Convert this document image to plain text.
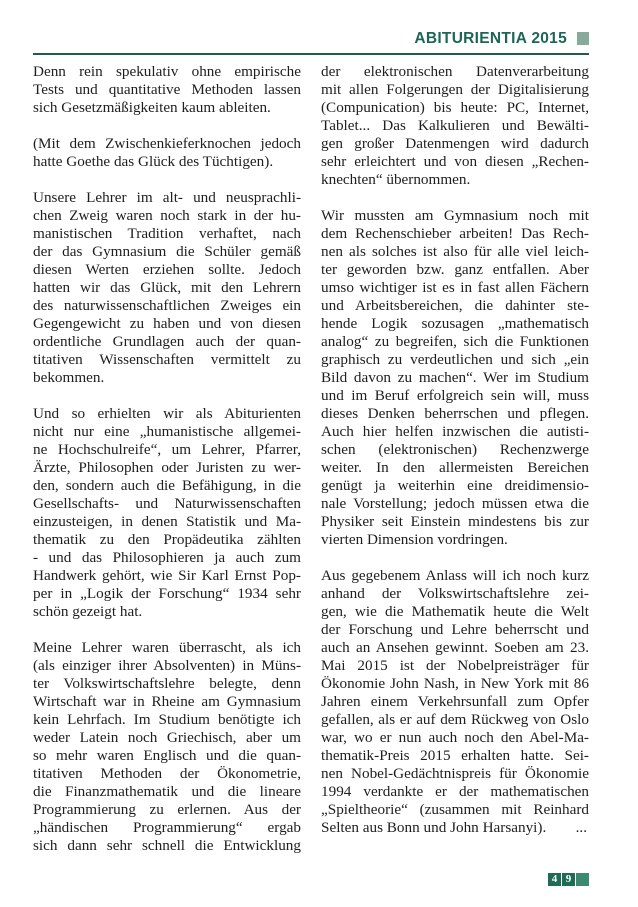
ABITURIENTIA 2015

Denn rein spekulativ ohne empirische
Tests und quantitative Methoden lassen
sich Gesetzmäßigkeiten kaum ableiten.

(Mit dem Zwischenkieferknochen jedoch
hatte Goethe das Glück des Tüchtigen).

Unsere Lehrer im alt- und neusprachli-
chen Zweig waren noch stark in der hu-
manistischen Tradition verhaftet, nach
der das Gymnasium die Schüler gemäß
diesen Werten erziehen sollte. Jedoch
hatten wir das Glück, mit den Lehrern
des naturwissenschaftlichen Zweiges ein
Gegengewicht zu haben und von diesen
ordentliche Grundlagen auch der quan-
titativen Wissenschaften vermittelt zu
bekommen.

Und so erhielten wir als Abiturienten
nicht nur eine „humanistische allgemei-
ne Hochschulreife“, um Lehrer, Pfarrer,
Ärzte, Philosophen oder Juristen zu wer-
den, sondern auch die Befähigung, in die
Gesellschafts- und Naturwissenschaften
einzusteigen, in denen Statistik und Ma-
thematik zu den Propädeutika zählten
- und das Philosophieren ja auch zum
Handwerk gehört, wie Sir Karl Ernst Pop-
per in „Logik der Forschung“ 1934 sehr
schön gezeigt hat.

Meine Lehrer waren überrascht, als ich
(als einziger ihrer Absolventen) in Müns-
ter Volkswirtschaftslehre belegte, denn
Wirtschaft war in Rheine am Gymnasium
kein Lehrfach. Im Studium benötigte ich
weder Latein noch Griechisch, aber um
so mehr waren Englisch und die quan-
titativen Methoden der Ökonometrie,
die Finanzmathematik und die lineare
Programmierung zu erlernen. Aus der
„händischen Programmierung“ ergab
sich dann sehr schnell die Entwicklung

der elektronischen Datenverarbeitung
mit allen Folgerungen der Digitalisierung
(Compunication) bis heute: PC, Internet,
Tablet... Das Kalkulieren und Bewälti-
gen großer Datenmengen wird dadurch
sehr erleichtert und von diesen „Rechen-
knechten“ übernommen.

Wir mussten am Gymnasium noch mit
dem Rechenschieber arbeiten! Das Rech-
nen als solches ist also für alle viel leich-
ter geworden bzw. ganz entfallen. Aber
umso wichtiger ist es in fast allen Fächern
und Arbeitsbereichen, die dahinter ste-
hende Logik sozusagen „mathematisch
analog“ zu begreifen, sich die Funktionen
graphisch zu verdeutlichen und sich „ein
Bild davon zu machen“. Wer im Studium
und im Beruf erfolgreich sein will, muss
dieses Denken beherrschen und pflegen.
Auch hier helfen inzwischen die autisti-
schen (elektronischen) Rechenzwerge
weiter. In den allermeisten Bereichen
genügt ja weiterhin eine dreidimensio-
nale Vorstellung; jedoch müssen etwa die
Physiker seit Einstein mindestens bis zur
vierten Dimension vordringen.

Aus gegebenem Anlass will ich noch kurz
anhand der Volkswirtschaftslehre zei-
gen, wie die Mathematik heute die Welt
der Forschung und Lehre beherrscht und
auch an Ansehen gewinnt. Soeben am 23.
Mai 2015 ist der Nobelpreisträger für
Ökonomie John Nash, in New York mit 86
Jahren einem Verkehrsunfall zum Opfer
gefallen, als er auf dem Rückweg von Oslo
war, wo er nun auch noch den Abel-Ma-
thematik-Preis 2015 erhalten hatte. Sei-
nen Nobel-Gedächtnispreis für Ökonomie
1994 verdankte er der mathematischen
„Spieltheorie“ (zusammen mit Reinhard
Selten aus Bonn und John Harsanyi). ...

4 9
